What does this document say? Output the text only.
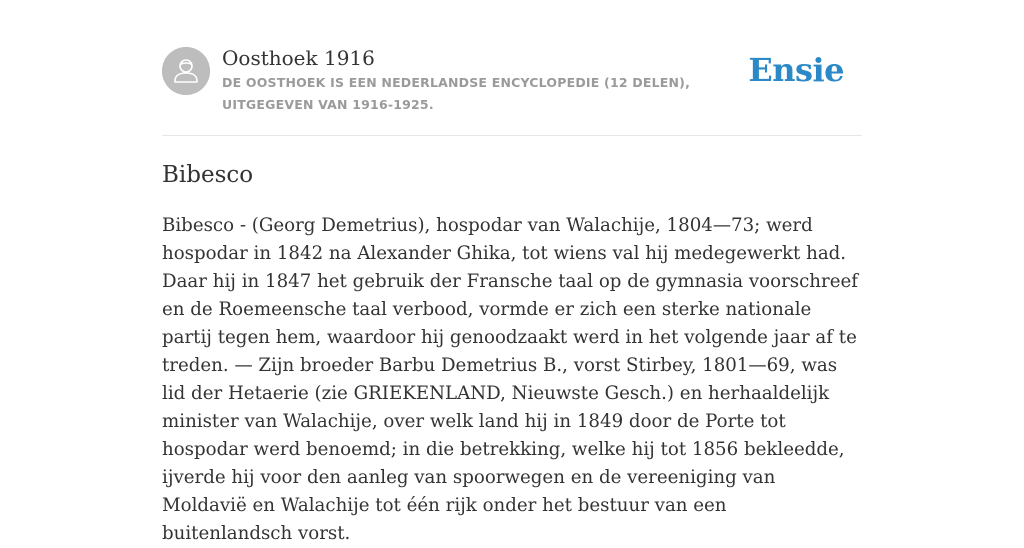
Oosthoek 1916
DE OOSTHOEK IS EEN NEDERLANDSE ENCYCLOPEDIE (12 DELEN), UITGEGEVEN VAN 1916-1925.
Ensie
Bibesco

Bibesco - (Georg Demetrius), hospodar van Walachije, 1804—73; werd hospodar in 1842 na Alexander Ghika, tot wiens val hij medegewerkt had. Daar hij in 1847 het gebruik der Fransche taal op de gymnasia voorschreef en de Roemeensche taal verbood, vormde er zich een sterke nationale partij tegen hem, waardoor hij genoodzaakt werd in het volgende jaar af te treden. — Zijn broeder Barbu Demetrius B., vorst Stirbey, 1801—69, was lid der Hetaerie (zie GRIEKENLAND, Nieuwste Gesch.) en herhaaldelijk minister van Walachije, over welk land hij in 1849 door de Porte tot hospodar werd benoemd; in die betrekking, welke hij tot 1856 bekleedde, ijverde hij voor den aanleg van spoorwegen en de vereeniging van Moldavië en Walachije tot één rijk onder het bestuur van een buitenlandsch vorst.
